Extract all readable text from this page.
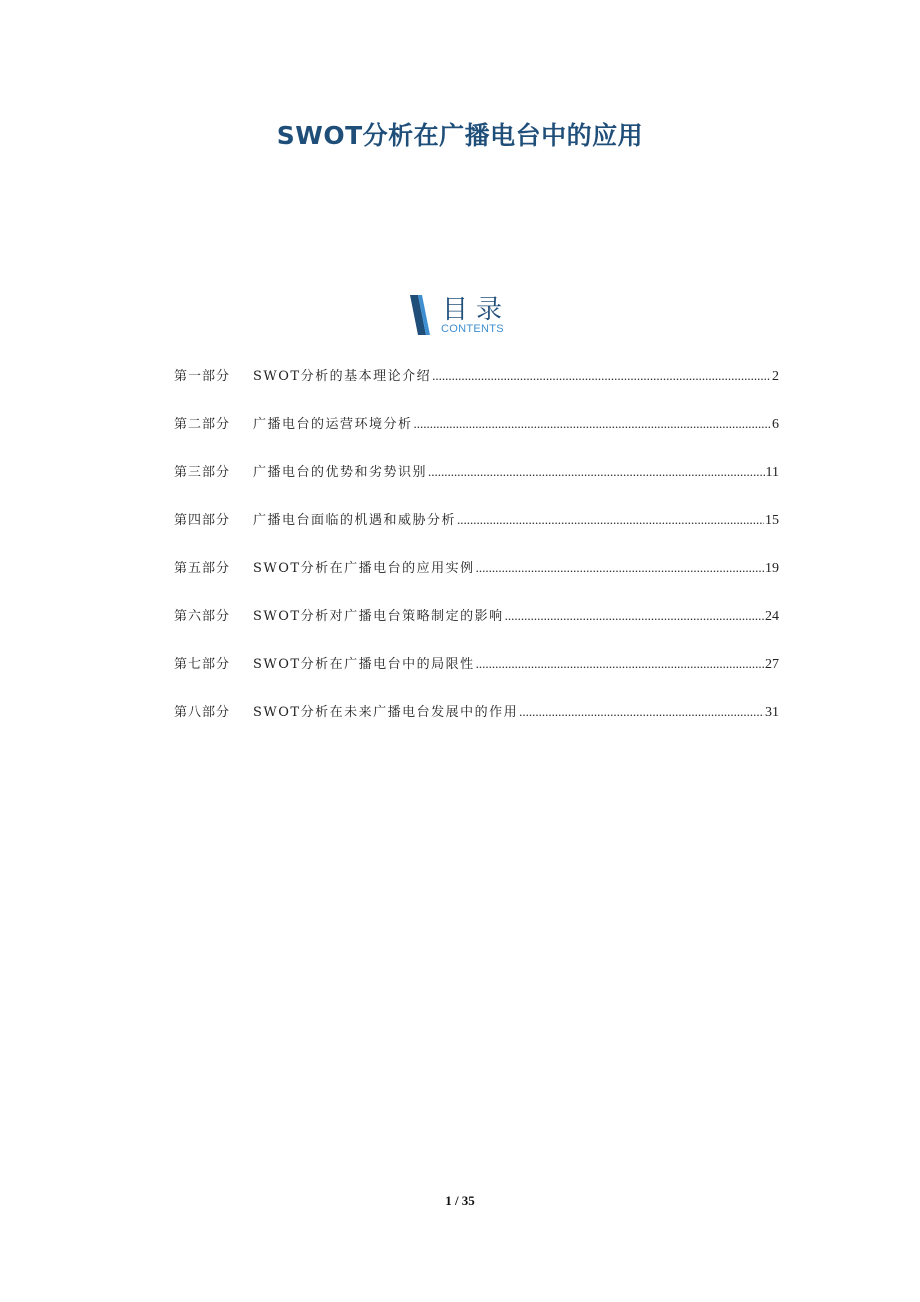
SWOT分析在广播电台中的应用
目录
CONTENTS
第一部分	SWOT分析的基本理论介绍 .....	2
第二部分	广播电台的运营环境分析 .....	6
第三部分	广播电台的优势和劣势识别 .....	11
第四部分	广播电台面临的机遇和威胁分析 .....	15
第五部分	SWOT分析在广播电台的应用实例 .....	19
第六部分	SWOT分析对广播电台策略制定的影响 .....	24
第七部分	SWOT分析在广播电台中的局限性 .....	27
第八部分	SWOT分析在未来广播电台发展中的作用 .....	31
1 / 35
